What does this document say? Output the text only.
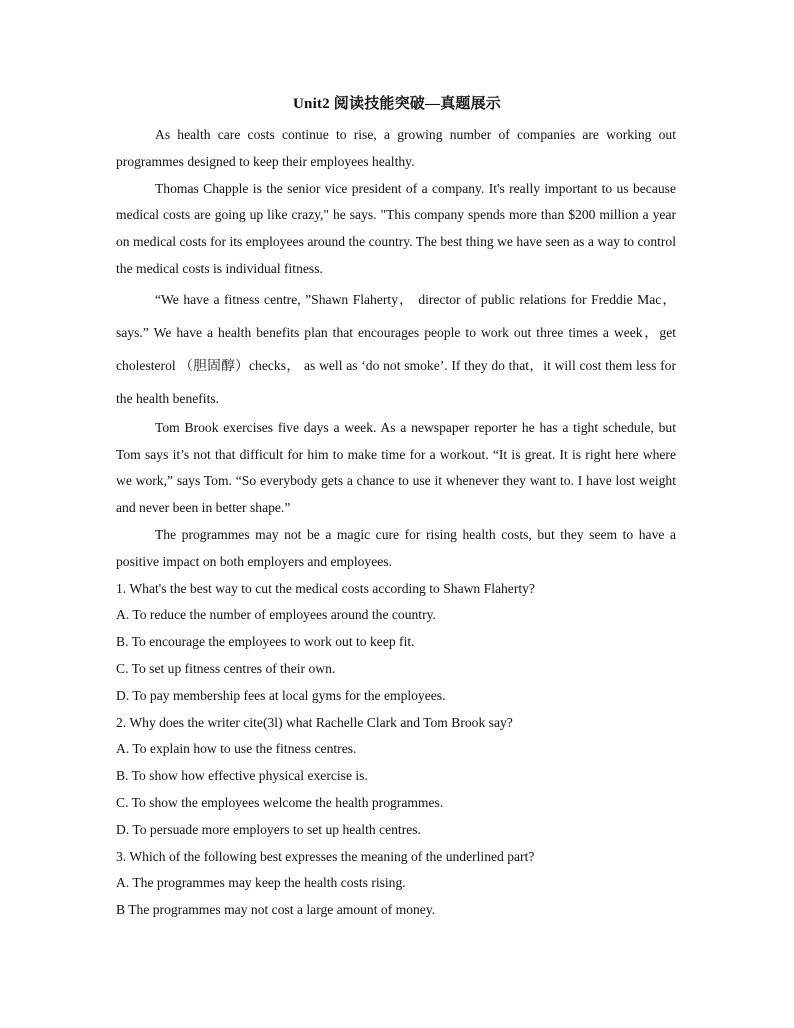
Unit2 阅读技能突破—真题展示

As health care costs continue to rise, a growing number of companies are working out programmes designed to keep their employees healthy.

Thomas Chapple is the senior vice president of a company. It's really important to us because medical costs are going up like crazy," he says. "This company spends more than $200 million a year on medical costs for its employees around the country. The best thing we have seen as a way to control the medical costs is individual fitness.

“We have a fitness centre, ”Shawn Flaherty， director of public relations for Freddie Mac， says.” We have a health benefits plan that encourages people to work out three times a week，get cholesterol （胆固醇）checks， as well as ‘do not smoke’. If they do that，it will cost them less for the health benefits.

Tom Brook exercises five days a week. As a newspaper reporter he has a tight schedule, but Tom says it’s not that difficult for him to make time for a workout. “It is great. It is right here where we work,” says Tom. “So everybody gets a chance to use it whenever they want to. I have lost weight and never been in better shape.”

The programmes may not be a magic cure for rising health costs, but they seem to have a positive impact on both employers and employees.

1. What's the best way to cut the medical costs according to Shawn Flaherty?

A. To reduce the number of employees around the country.

B. To encourage the employees to work out to keep fit.

C. To set up fitness centres of their own.

D. To pay membership fees at local gyms for the employees.

2. Why does the writer cite(3l) what Rachelle Clark and Tom Brook say?

A. To explain how to use the fitness centres.

B. To show how effective physical exercise is.

C. To show the employees welcome the health programmes.

D. To persuade more employers to set up health centres.

3. Which of the following best expresses the meaning of the underlined part?

A. The programmes may keep the health costs rising.

B The programmes may not cost a large amount of money.
